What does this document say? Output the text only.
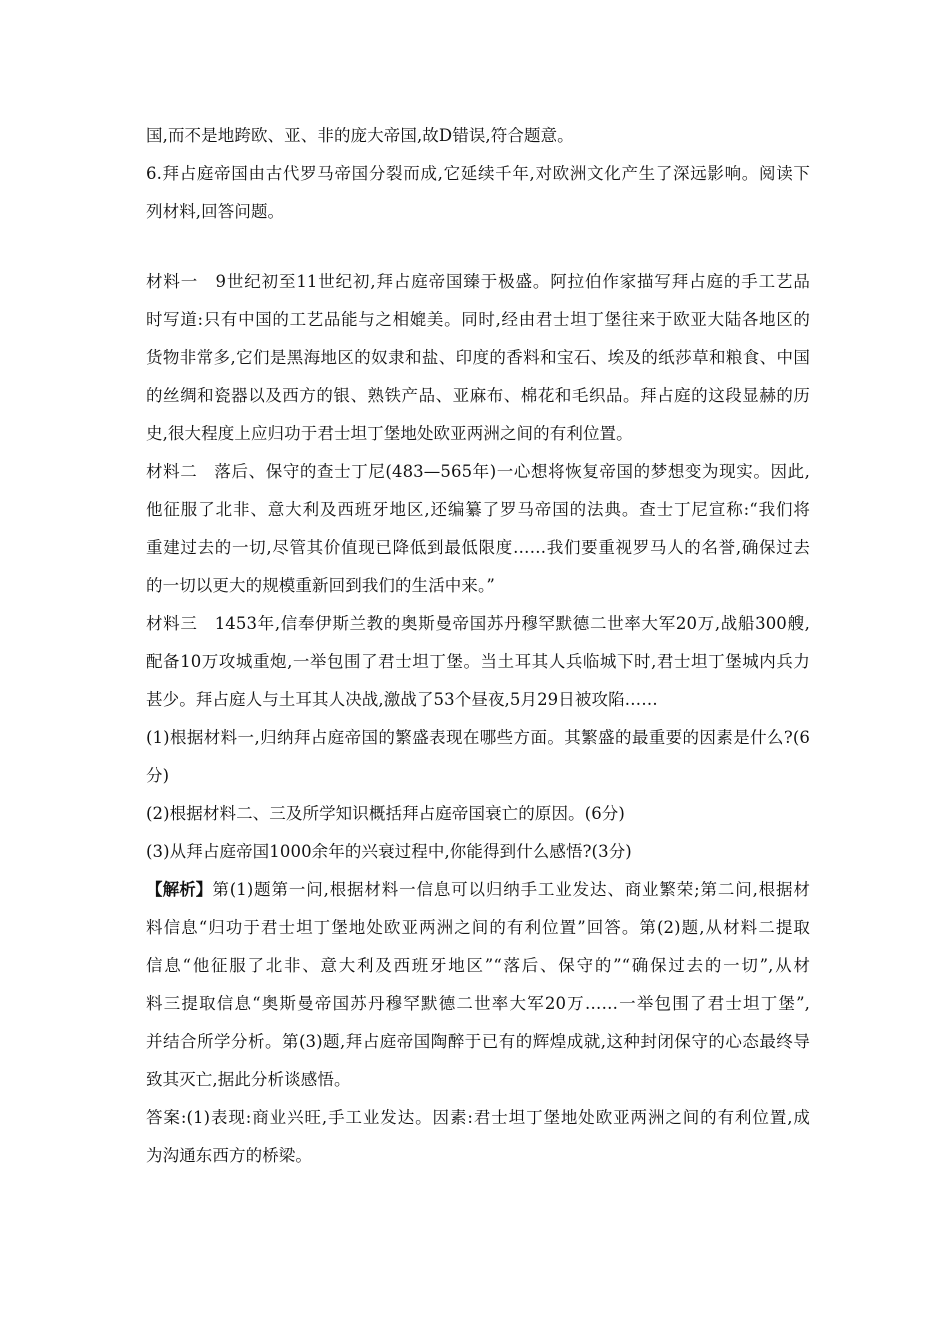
国,而不是地跨欧、亚、非的庞大帝国,故D错误,符合题意。
6.拜占庭帝国由古代罗马帝国分裂而成,它延续千年,对欧洲文化产生了深远影响。阅读下
列材料,回答问题。
材料一　9世纪初至11世纪初,拜占庭帝国臻于极盛。阿拉伯作家描写拜占庭的手工艺品
时写道:只有中国的工艺品能与之相媲美。同时,经由君士坦丁堡往来于欧亚大陆各地区的
货物非常多,它们是黑海地区的奴隶和盐、印度的香料和宝石、埃及的纸莎草和粮食、中国
的丝绸和瓷器以及西方的银、熟铁产品、亚麻布、棉花和毛织品。拜占庭的这段显赫的历
史,很大程度上应归功于君士坦丁堡地处欧亚两洲之间的有利位置。
材料二　落后、保守的查士丁尼(483—565年)一心想将恢复帝国的梦想变为现实。因此,
他征服了北非、意大利及西班牙地区,还编纂了罗马帝国的法典。查士丁尼宣称:“我们将
重建过去的一切,尽管其价值现已降低到最低限度……我们要重视罗马人的名誉,确保过去
的一切以更大的规模重新回到我们的生活中来。”
材料三　1453年,信奉伊斯兰教的奥斯曼帝国苏丹穆罕默德二世率大军20万,战船300艘,
配备10万攻城重炮,一举包围了君士坦丁堡。当土耳其人兵临城下时,君士坦丁堡城内兵力
甚少。拜占庭人与土耳其人决战,激战了53个昼夜,5月29日被攻陷……
(1)根据材料一,归纳拜占庭帝国的繁盛表现在哪些方面。其繁盛的最重要的因素是什么?(6
分)
(2)根据材料二、三及所学知识概括拜占庭帝国衰亡的原因。(6分)
(3)从拜占庭帝国1000余年的兴衰过程中,你能得到什么感悟?(3分)
【解析】 第(1)题第一问,根据材料一信息可以归纳手工业发达、商业繁荣;第二问,根据材
料信息“归功于君士坦丁堡地处欧亚两洲之间的有利位置”回答。第(2)题,从材料二提取
信息“他征服了北非、意大利及西班牙地区”“落后、保守的”“确保过去的一切”,从材
料三提取信息“奥斯曼帝国苏丹穆罕默德二世率大军20万……一举包围了君士坦丁堡”,
并结合所学分析。第(3)题,拜占庭帝国陶醉于已有的辉煌成就,这种封闭保守的心态最终导
致其灭亡,据此分析谈感悟。
答案:(1)表现:商业兴旺,手工业发达。因素:君士坦丁堡地处欧亚两洲之间的有利位置,成
为沟通东西方的桥梁。
